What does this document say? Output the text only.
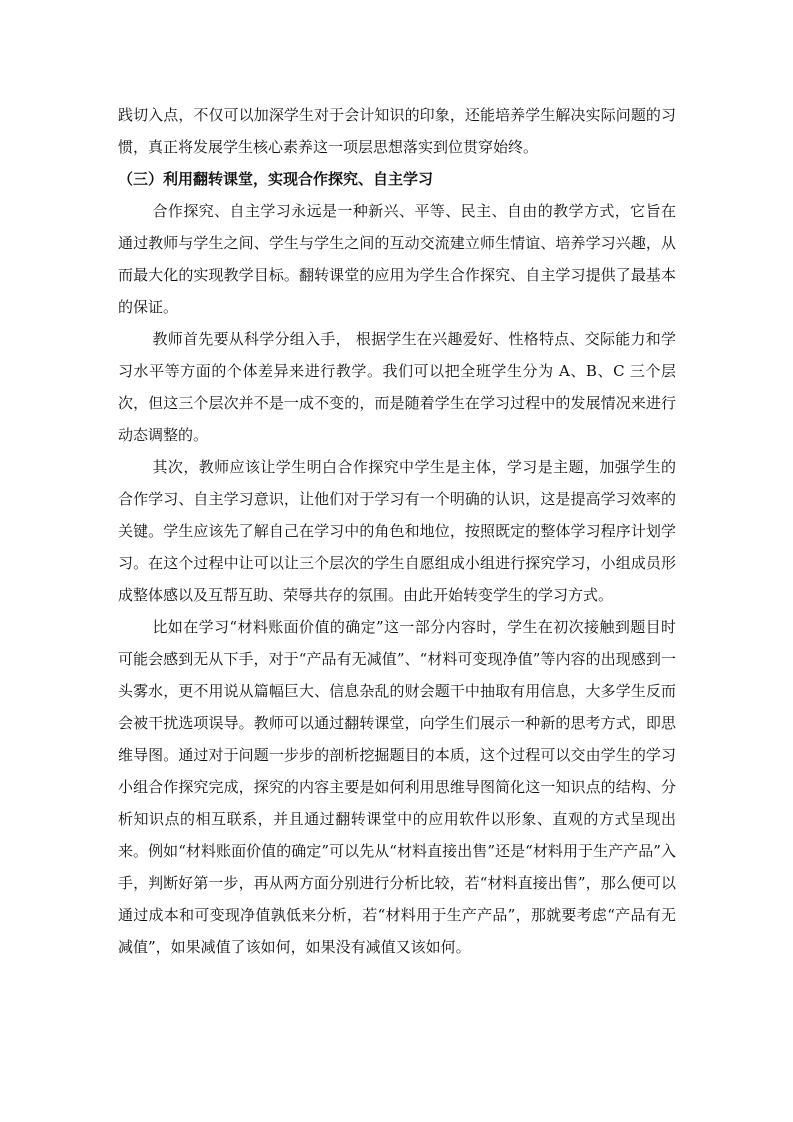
践切入点，不仅可以加深学生对于会计知识的印象，还能培养学生解决实际问题的习惯，真正将发展学生核心素养这一项层思想落实到位贯穿始终。

（三）利用翻转课堂，实现合作探究、自主学习

合作探究、自主学习永远是一种新兴、平等、民主、自由的教学方式，它旨在通过教师与学生之间、学生与学生之间的互动交流建立师生情谊、培养学习兴趣，从而最大化的实现教学目标。翻转课堂的应用为学生合作探究、自主学习提供了最基本的保证。

教师首先要从科学分组入手， 根据学生在兴趣爱好、性格特点、交际能力和学习水平等方面的个体差异来进行教学。我们可以把全班学生分为 A、B、C 三个层次，但这三个层次并不是一成不变的，而是随着学生在学习过程中的发展情况来进行动态调整的。

其次，教师应该让学生明白合作探究中学生是主体，学习是主题，加强学生的合作学习、自主学习意识，让他们对于学习有一个明确的认识，这是提高学习效率的关键。学生应该先了解自己在学习中的角色和地位，按照既定的整体学习程序计划学习。在这个过程中让可以让三个层次的学生自愿组成小组进行探究学习，小组成员形成整体感以及互帮互助、荣辱共存的氛围。由此开始转变学生的学习方式。

比如在学习“材料账面价值的确定”这一部分内容时，学生在初次接触到题目时可能会感到无从下手，对于“产品有无减值”、“材料可变现净值”等内容的出现感到一头雾水，更不用说从篇幅巨大、信息杂乱的财会题干中抽取有用信息，大多学生反而会被干扰选项误导。教师可以通过翻转课堂，向学生们展示一种新的思考方式，即思维导图。通过对于问题一步步的剖析挖掘题目的本质，这个过程可以交由学生的学习小组合作探究完成，探究的内容主要是如何利用思维导图简化这一知识点的结构、分析知识点的相互联系，并且通过翻转课堂中的应用软件以形象、直观的方式呈现出来。例如“材料账面价值的确定”可以先从“材料直接出售”还是“材料用于生产产品”入手，判断好第一步，再从两方面分别进行分析比较，若“材料直接出售”，那么便可以通过成本和可变现净值孰低来分析，若“材料用于生产产品”，那就要考虑“产品有无减值”，如果减值了该如何，如果没有减值又该如何。
